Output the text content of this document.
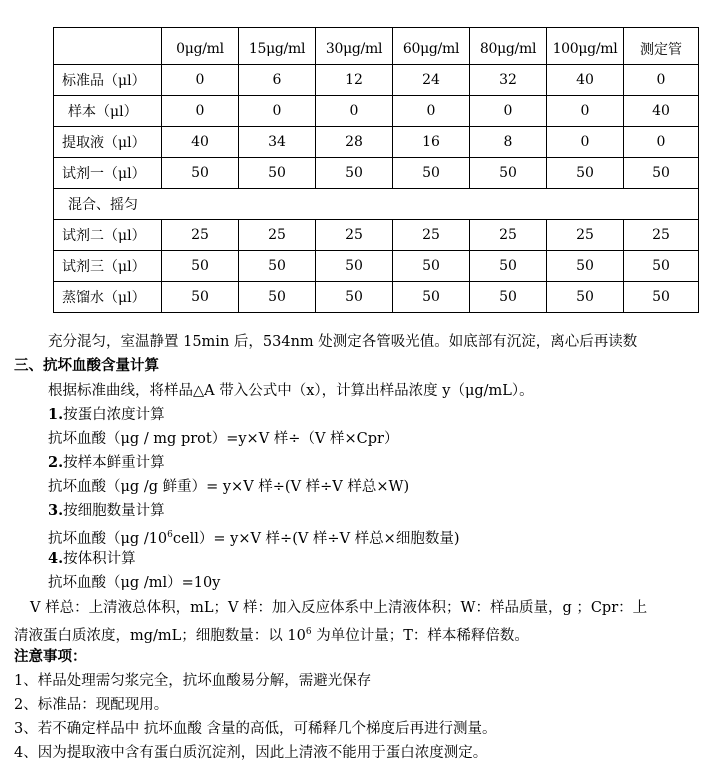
	0μg/ml	15μg/ml	30μg/ml	60μg/ml	80μg/ml	100μg/ml	测定管
标准品（μl）	0	6	12	24	32	40	0
样本（μl）	0	0	0	0	0	0	40
提取液（μl）	40	34	28	16	8	0	0
试剂一（μl）	50	50	50	50	50	50	50
混合、摇匀							
试剂二（μl）	25	25	25	25	25	25	25
试剂三（μl）	50	50	50	50	50	50	50
蒸馏水（μl）	50	50	50	50	50	50	50
充分混匀，室温静置 15min 后，534nm 处测定各管吸光值。如底部有沉淀，离心后再读数
三、抗坏血酸含量计算
根据标准曲线，将样品△A 带入公式中（x），计算出样品浓度 y（μg/mL）。
1.按蛋白浓度计算
抗坏血酸（μg / mg prot）=y×V 样÷（V 样×Cpr）
2.按样本鲜重计算
抗坏血酸（μg /g 鲜重）= y×V 样÷(V 样÷V 样总×W)
3.按细胞数量计算
抗坏血酸（μg $/10^6cell)= y\times V$ 样÷(V 样÷V 样总×细胞数量)
4.按体积计算
抗坏血酸（μg /ml）=10y
V 样总：上清液总体积，mL；V 样：加入反应体系中上清液体积；W：样品质量，g ；Cpr：上
清液蛋白质浓度，mg/mL；细胞数量：以 $10^6$ 为单位计量；T：样本稀释倍数。
注意事项：
1、样品处理需匀浆完全，抗坏血酸易分解，需避光保存
2、标准品：现配现用。
3、若不确定样品中 抗坏血酸 含量的高低，可稀释几个梯度后再进行测量。
4、因为提取液中含有蛋白质沉淀剂，因此上清液不能用于蛋白浓度测定。
